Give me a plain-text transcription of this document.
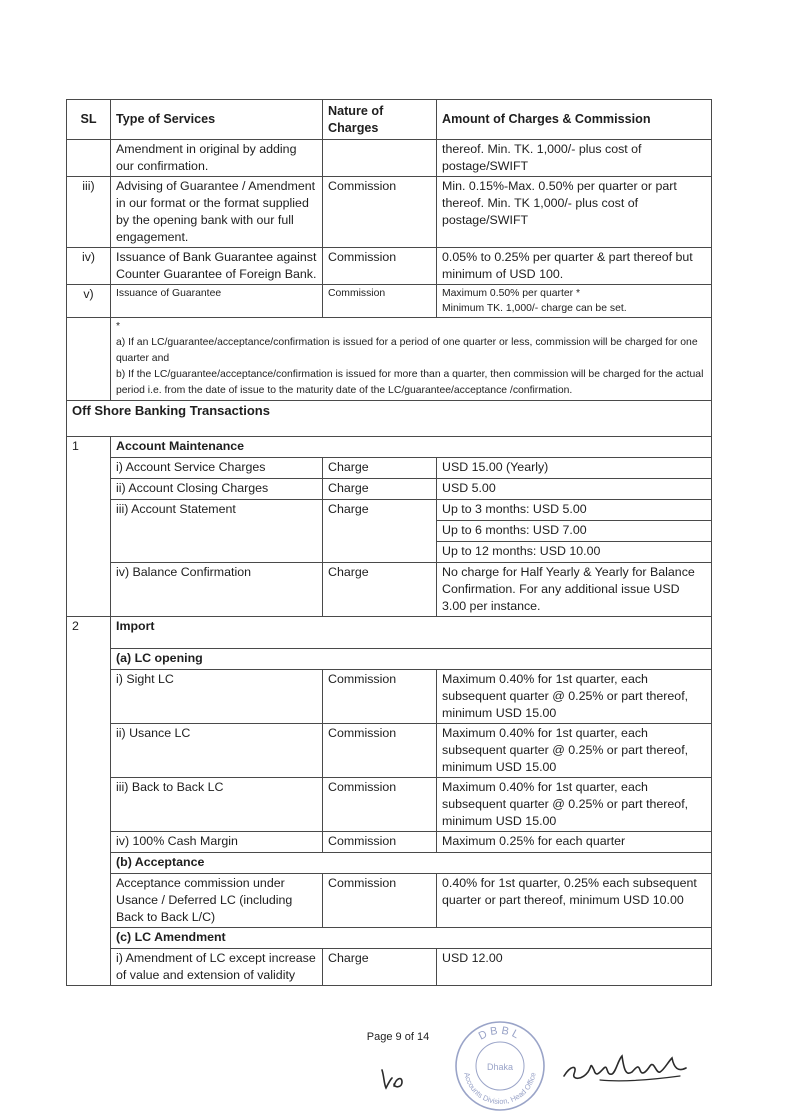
SL	Type of Services	Nature of Charges	Amount of Charges & Commission
	Amendment in original by adding our confirmation.		thereof. Min. TK. 1,000/- plus cost of postage/SWIFT
iii)	Advising of Guarantee / Amendment in our format or the format supplied by the opening bank with our full engagement.	Commission	Min. 0.15%-Max. 0.50% per quarter or part thereof. Min. TK 1,000/- plus cost of postage/SWIFT
iv)	Issuance of Bank Guarantee against Counter Guarantee of Foreign Bank.	Commission	0.05% to 0.25% per quarter & part thereof but minimum of USD 100.
v)	Issuance of Guarantee	Commission	Maximum 0.50% per quarter *
Minimum TK. 1,000/- charge can be set.

	*
a) If an LC/guarantee/acceptance/confirmation is issued for a period of one quarter or less, commission will be charged for one quarter and
b) If the LC/guarantee/acceptance/confirmation is issued for more than a quarter, then commission will be charged for the actual period i.e. from the date of issue to the maturity date of the LC/guarantee/acceptance /confirmation.		

Off Shore Banking Transactions			
1	Account Maintenance		
	i) Account Service Charges	Charge	USD 15.00 (Yearly)
	ii) Account Closing Charges	Charge	USD 5.00
	iii) Account Statement	Charge	Up to 3 months: USD 5.00
			Up to 6 months: USD 7.00
			Up to 12 months: USD 10.00
	iv) Balance Confirmation	Charge	No charge for Half Yearly & Yearly for Balance Confirmation. For any additional issue USD 3.00 per instance.
2	Import		
	(a) LC opening		
	i) Sight LC	Commission	Maximum 0.40% for 1st quarter, each subsequent quarter @ 0.25% or part thereof, minimum USD 15.00
	ii) Usance LC	Commission	Maximum 0.40% for 1st quarter, each subsequent quarter @ 0.25% or part thereof, minimum USD 15.00
	iii) Back to Back LC	Commission	Maximum 0.40% for 1st quarter, each subsequent quarter @ 0.25% or part thereof, minimum USD 15.00
	iv) 100% Cash Margin	Commission	Maximum 0.25% for each quarter
	(b) Acceptance		
	Acceptance commission under Usance / Deferred LC (including Back to Back L/C)	Commission	0.40% for 1st quarter, 0.25% each subsequent quarter or part thereof, minimum USD 10.00
	(c) LC Amendment		
	i) Amendment of LC except increase of value and extension of validity	Charge	USD 12.00
Page 9 of 14	DBBL
Dhaka
Accounts Division, Head Office
